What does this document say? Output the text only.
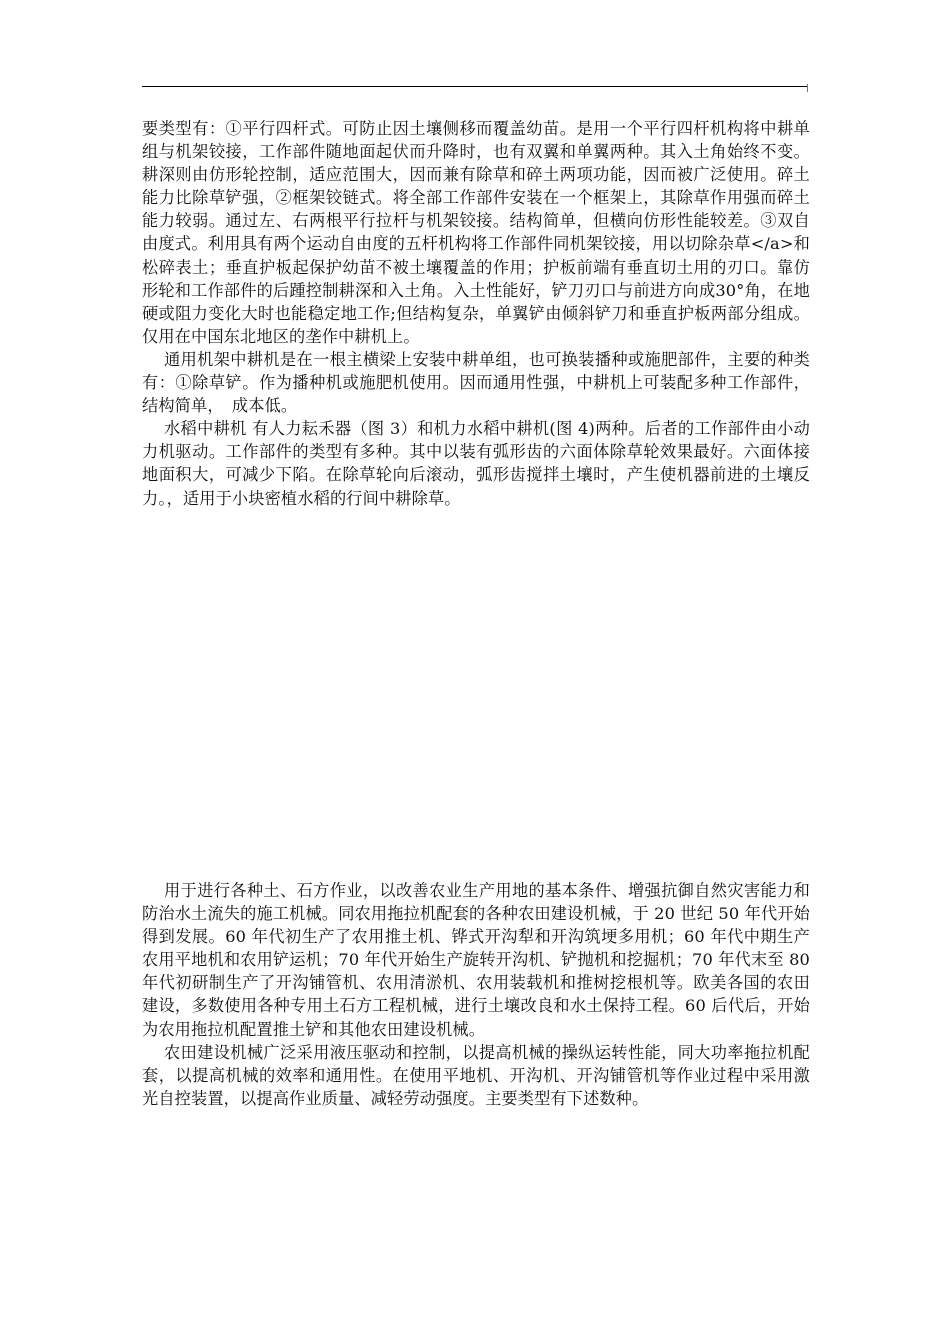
要类型有：①平行四杆式。可防止因土壤侧移而覆盖幼苗。是用一个平行四杆机构将中耕单组与机架铰接，工作部件随地面起伏而升降时，也有双翼和单翼两种。其入土角始终不变。耕深则由仿形轮控制，适应范围大，因而兼有除草和碎土两项功能，因而被广泛使用。碎土能力比除草铲强，②框架铰链式。将全部工作部件安装在一个框架上，其除草作用强而碎土能力较弱。通过左、右两根平行拉杆与机架铰接。结构简单，但横向仿形性能较差。③双自由度式。利用具有两个运动自由度的五杆机构将工作部件同机架铰接，用以切除杂草</a>和松碎表土；垂直护板起保护幼苗不被土壤覆盖的作用；护板前端有垂直切土用的刃口。靠仿形轮和工作部件的后踵控制耕深和入土角。入土性能好，铲刀刃口与前进方向成30°角，在地硬或阻力变化大时也能稳定地工作;但结构复杂，单翼铲由倾斜铲刀和垂直护板两部分组成。仅用在中国东北地区的垄作中耕机上。

通用机架中耕机是在一根主横梁上安装中耕单组，也可换装播种或施肥部件，主要的种类有：①除草铲。作为播种机或施肥机使用。因而通用性强，中耕机上可装配多种工作部件，结构简单，　成本低。

水稻中耕机 有人力耘禾器（图 3）和机力水稻中耕机(图 4)两种。后者的工作部件由小动力机驱动。工作部件的类型有多种。其中以装有弧形齿的六面体除草轮效果最好。六面体接地面积大，可减少下陷。在除草轮向后滚动，弧形齿搅拌土壤时，产生使机器前进的土壤反力。，适用于小块密植水稻的行间中耕除草。

用于进行各种土、石方作业，以改善农业生产用地的基本条件、增强抗御自然灾害能力和防治水土流失的施工机械。同农用拖拉机配套的各种农田建设机械，于 20 世纪 50 年代开始得到发展。60 年代初生产了农用推土机、铧式开沟犁和开沟筑埂多用机；60 年代中期生产农用平地机和农用铲运机；70 年代开始生产旋转开沟机、铲抛机和挖掘机；70 年代末至 80 年代初研制生产了开沟铺管机、农用清淤机、农用装载机和推树挖根机等。欧美各国的农田建设，多数使用各种专用土石方工程机械，进行土壤改良和水土保持工程。60 后代后，开始为农用拖拉机配置推土铲和其他农田建设机械。

农田建设机械广泛采用液压驱动和控制，以提高机械的操纵运转性能，同大功率拖拉机配套，以提高机械的效率和通用性。在使用平地机、开沟机、开沟铺管机等作业过程中采用激光自控装置，以提高作业质量、减轻劳动强度。主要类型有下述数种。
